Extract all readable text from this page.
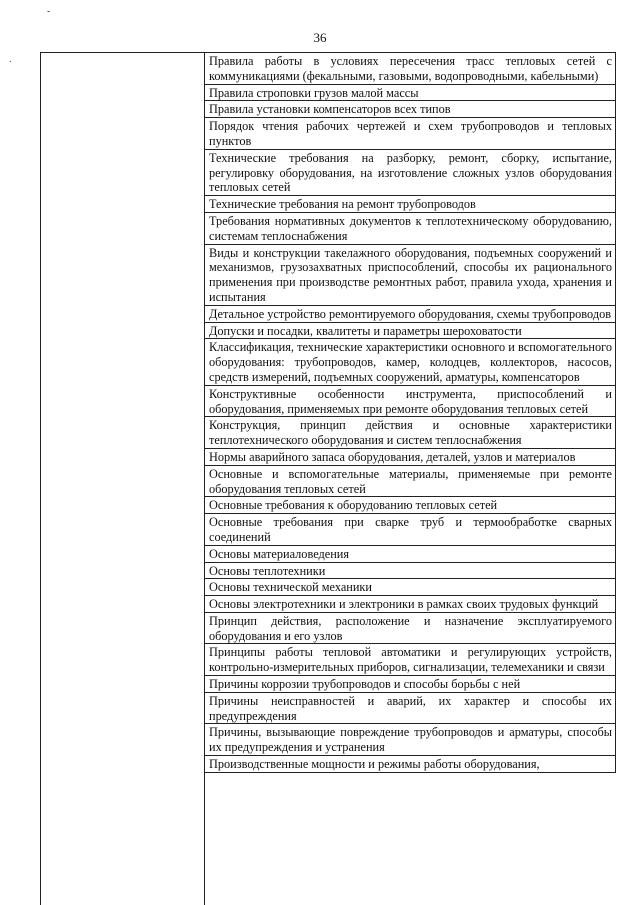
-
.
36
Правила работы в условиях пересечения трасс тепловых сетей с коммуникациями (фекальными, газовыми, водопроводными, кабельными)
Правила строповки грузов малой массы
Правила установки компенсаторов всех типов
Порядок чтения рабочих чертежей и схем трубопроводов и тепловых пунктов
Технические требования на разборку, ремонт, сборку, испытание, регулировку оборудования, на изготовление сложных узлов оборудования тепловых сетей
Технические требования на ремонт трубопроводов
Требования нормативных документов к теплотехническому оборудованию, системам теплоснабжения
Виды и конструкции такелажного оборудования, подъемных сооружений и механизмов, грузозахватных приспособлений, способы их рационального применения при производстве ремонтных работ, правила ухода, хранения и испытания
Детальное устройство ремонтируемого оборудования, схемы трубопроводов
Допуски и посадки, квалитеты и параметры шероховатости
Классификация, технические характеристики основного и вспомогательного оборудования: трубопроводов, камер, колодцев, коллекторов, насосов, средств измерений, подъемных сооружений, арматуры, компенсаторов
Конструктивные особенности инструмента, приспособлений и оборудования, применяемых при ремонте оборудования тепловых сетей
Конструкция, принцип действия и основные характеристики теплотехнического оборудования и систем теплоснабжения
Нормы аварийного запаса оборудования, деталей, узлов и материалов
Основные и вспомогательные материалы, применяемые при ремонте оборудования тепловых сетей
Основные требования к оборудованию тепловых сетей
Основные требования при сварке труб и термообработке сварных соединений
Основы материаловедения
Основы теплотехники
Основы технической механики
Основы электротехники и электроники в рамках своих трудовых функций
Принцип действия, расположение и назначение эксплуатируемого оборудования и его узлов
Принципы работы тепловой автоматики и регулирующих устройств, контрольно-измерительных приборов, сигнализации, телемеханики и связи
Причины коррозии трубопроводов и способы борьбы с ней
Причины неисправностей и аварий, их характер и способы их предупреждения
Причины, вызывающие повреждение трубопроводов и арматуры, способы их предупреждения и устранения
Производственные мощности и режимы работы оборудования,
